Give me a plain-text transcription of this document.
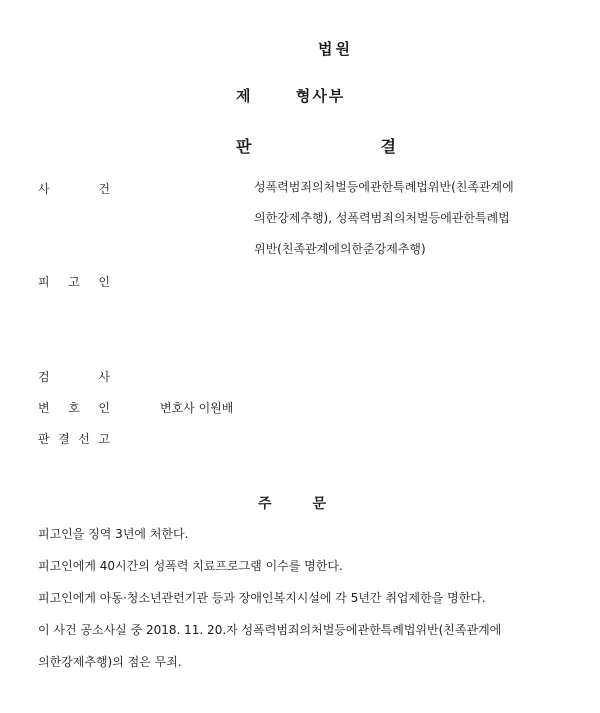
법원
제      형사부
판	결
사	건	성폭력범죄의처벌등에관한특례법위반(친족관계에
의한강제추행), 성폭력범죄의처벌등에관한특례법
위반(친족관계에의한준강제추행)
피 고 인
검	사
변 호 인	변호사 이원배
판 결 선 고
주	문
피고인을 징역 3년에 처한다.
피고인에게 40시간의 성폭력 치료프로그램 이수를 명한다.
피고인에게 아동·청소년관련기관 등과 장애인복지시설에 각 5년간 취업제한을 명한다.
이 사건 공소사실 중 2018. 11. 20.자 성폭력범죄의처벌등에관한특례법위반(친족관계에
의한강제추행)의 점은 무죄.
